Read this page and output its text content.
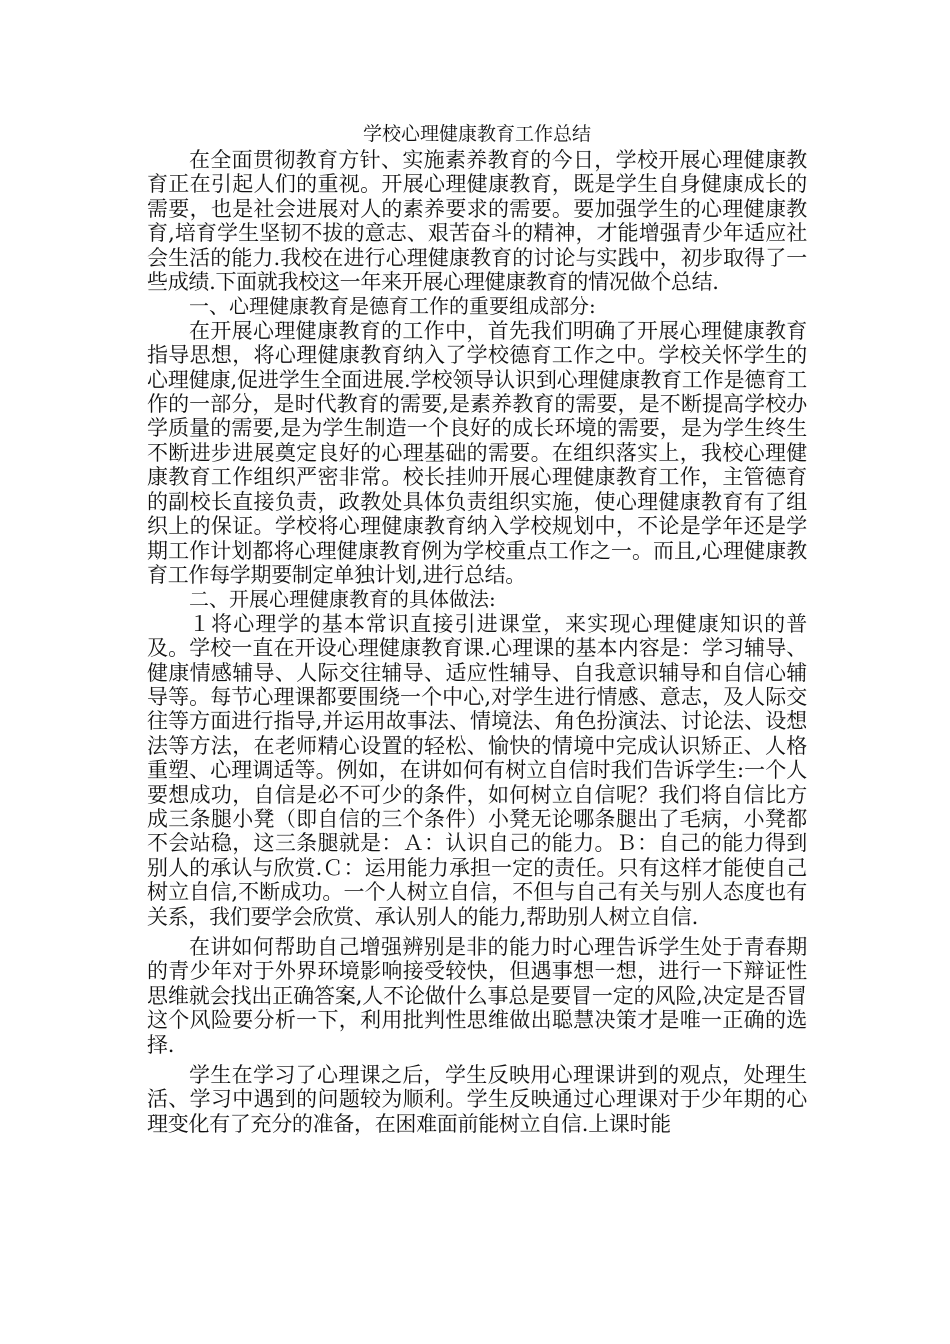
学校心理健康教育工作总结

在全面贯彻教育方针、实施素养教育的今日，学校开展心理健康教育正在引起人们的重视。开展心理健康教育，既是学生自身健康成长的需要，也是社会进展对人的素养要求的需要。要加强学生的心理健康教育,培育学生坚韧不拔的意志、艰苦奋斗的精神，才能增强青少年适应社会生活的能力.我校在进行心理健康教育的讨论与实践中，初步取得了一些成绩.下面就我校这一年来开展心理健康教育的情况做个总结.

一、心理健康教育是德育工作的重要组成部分:

在开展心理健康教育的工作中，首先我们明确了开展心理健康教育指导思想，将心理健康教育纳入了学校德育工作之中。学校关怀学生的心理健康,促进学生全面进展.学校领导认识到心理健康教育工作是德育工作的一部分，是时代教育的需要,是素养教育的需要，是不断提高学校办学质量的需要,是为学生制造一个良好的成长环境的需要，是为学生终生不断进步进展奠定良好的心理基础的需要。在组织落实上，我校心理健康教育工作组织严密非常。校长挂帅开展心理健康教育工作，主管德育的副校长直接负责，政教处具体负责组织实施，使心理健康教育有了组织上的保证。学校将心理健康教育纳入学校规划中，不论是学年还是学期工作计划都将心理健康教育例为学校重点工作之一。而且,心理健康教育工作每学期要制定单独计划,进行总结。

二、开展心理健康教育的具体做法:

１将心理学的基本常识直接引进课堂，来实现心理健康知识的普及。学校一直在开设心理健康教育课.心理课的基本内容是：学习辅导、健康情感辅导、人际交往辅导、适应性辅导、自我意识辅导和自信心辅导等。每节心理课都要围绕一个中心,对学生进行情感、意志，及人际交往等方面进行指导,并运用故事法、情境法、角色扮演法、讨论法、设想法等方法，在老师精心设置的轻松、愉快的情境中完成认识矫正、人格重塑、心理调适等。例如，在讲如何有树立自信时我们告诉学生:一个人要想成功，自信是必不可少的条件，如何树立自信呢？我们将自信比方成三条腿小凳（即自信的三个条件）小凳无论哪条腿出了毛病，小凳都不会站稳，这三条腿就是：Ａ：认识自己的能力。Ｂ：自己的能力得到别人的承认与欣赏.Ｃ：运用能力承担一定的责任。只有这样才能使自己树立自信,不断成功。一个人树立自信，不但与自己有关与别人态度也有关系，我们要学会欣赏、承认别人的能力,帮助别人树立自信.

在讲如何帮助自己增强辨别是非的能力时心理告诉学生处于青春期的青少年对于外界环境影响接受较快，但遇事想一想，进行一下辩证性思维就会找出正确答案,人不论做什么事总是要冒一定的风险,决定是否冒这个风险要分析一下，利用批判性思维做出聪慧决策才是唯一正确的选择.

学生在学习了心理课之后，学生反映用心理课讲到的观点，处理生活、学习中遇到的问题较为顺利。学生反映通过心理课对于少年期的心理变化有了充分的准备，在困难面前能树立自信.上课时能
